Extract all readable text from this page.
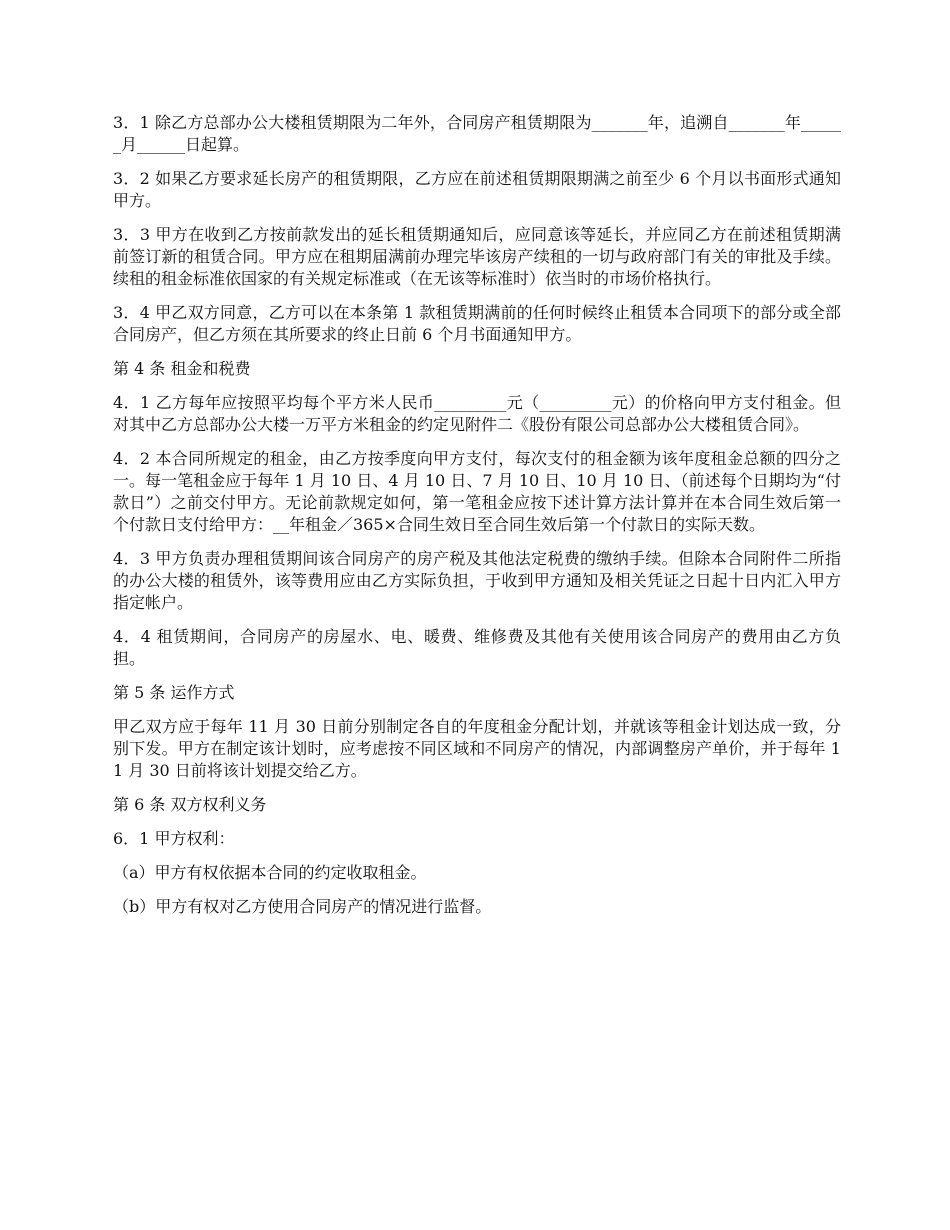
3．1 除乙方总部办公大楼租赁期限为二年外，合同房产租赁期限为_______年，追溯自_______年______月______日起算。

3．2 如果乙方要求延长房产的租赁期限，乙方应在前述租赁期限期满之前至少 6 个月以书面形式通知甲方。

3．3 甲方在收到乙方按前款发出的延长租赁期通知后，应同意该等延长，并应同乙方在前述租赁期满前签订新的租赁合同。甲方应在租期届满前办理完毕该房产续租的一切与政府部门有关的审批及手续。续租的租金标准依国家的有关规定标准或（在无该等标准时）依当时的市场价格执行。

3．4 甲乙双方同意，乙方可以在本条第 1 款租赁期满前的任何时候终止租赁本合同项下的部分或全部合同房产，但乙方须在其所要求的终止日前 6 个月书面通知甲方。

第 4 条 租金和税费

4．1 乙方每年应按照平均每个平方米人民币_________元（_________元）的价格向甲方支付租金。但对其中乙方总部办公大楼一万平方米租金的约定见附件二《股份有限公司总部办公大楼租赁合同》。

4．2 本合同所规定的租金，由乙方按季度向甲方支付，每次支付的租金额为该年度租金总额的四分之一。每一笔租金应于每年 1 月 10 日、4 月 10 日、7 月 10 日、10 月 10 日、（前述每个日期均为“付款日”）之前交付甲方。无论前款规定如何，第一笔租金应按下述计算方法计算并在本合同生效后第一个付款日支付给甲方：__年租金／365×合同生效日至合同生效后第一个付款日的实际天数。

4．3 甲方负责办理租赁期间该合同房产的房产税及其他法定税费的缴纳手续。但除本合同附件二所指的办公大楼的租赁外，该等费用应由乙方实际负担，于收到甲方通知及相关凭证之日起十日内汇入甲方指定帐户。

4．4 租赁期间，合同房产的房屋水、电、暖费、维修费及其他有关使用该合同房产的费用由乙方负担。

第 5 条 运作方式

甲乙双方应于每年 11 月 30 日前分别制定各自的年度租金分配计划，并就该等租金计划达成一致，分别下发。甲方在制定该计划时，应考虑按不同区域和不同房产的情况，内部调整房产单价，并于每年 11 月 30 日前将该计划提交给乙方。

第 6 条 双方权利义务

6．1 甲方权利：

（a）甲方有权依据本合同的约定收取租金。

（b）甲方有权对乙方使用合同房产的情况进行监督。
